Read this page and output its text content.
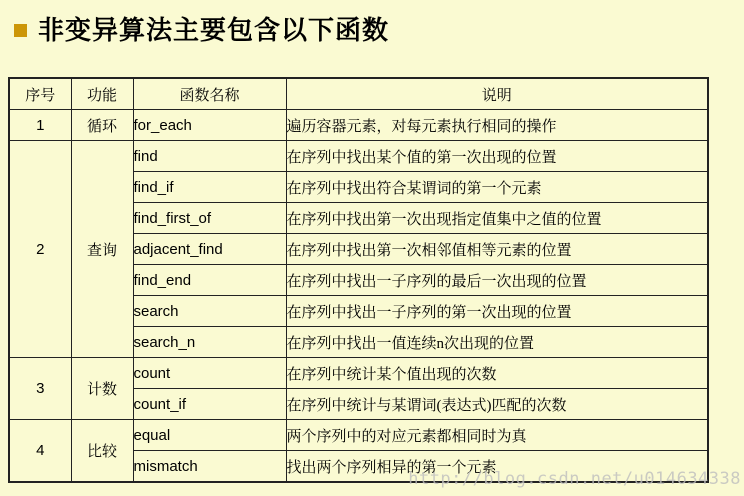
非变异算法主要包含以下函数
序号	功能	函数名称	说明
1	循环	for_each	遍历容器元素，对每元素执行相同的操作
2	查询	find	在序列中找出某个值的第一次出现的位置
		find_if	在序列中找出符合某谓词的第一个元素
		find_first_of	在序列中找出第一次出现指定值集中之值的位置
		adjacent_find	在序列中找出第一次相邻值相等元素的位置
		find_end	在序列中找出一子序列的最后一次出现的位置
		search	在序列中找出一子序列的第一次出现的位置
		search_n	在序列中找出一值连续n次出现的位置
3	计数	count	在序列中统计某个值出现的次数
		count_if	在序列中统计与某谓词(表达式)匹配的次数
4	比较	equal	两个序列中的对应元素都相同时为真
		mismatch	找出两个序列相异的第一个元素
http://blog.csdn.net/u014634338
